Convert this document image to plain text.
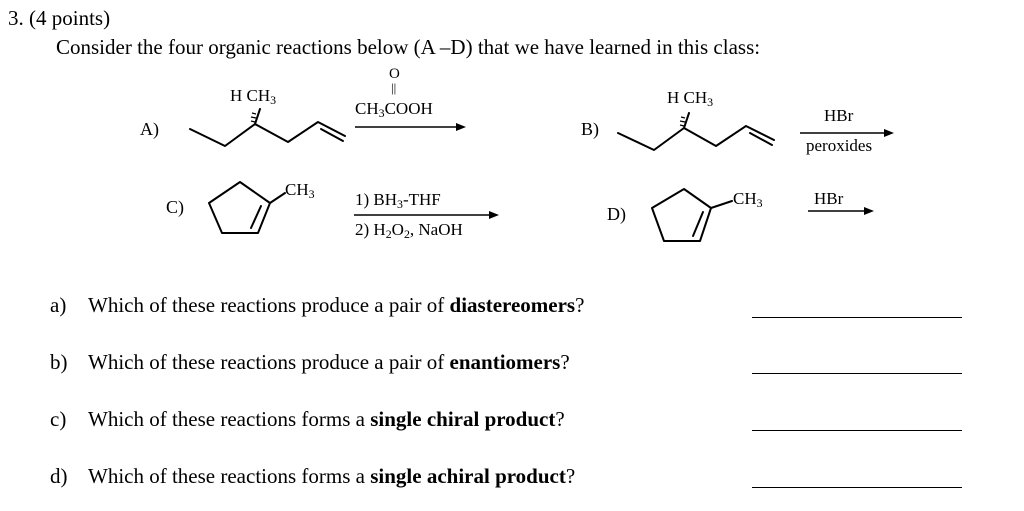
3. (4 points)
Consider the four organic reactions below (A –D) that we have learned in this class:
A)	B)
C)	D)
H $CH_3$
O
||
$CH_3COOH$
H $CH_3$
HBr
peroxides
$CH_3$ 1) $BH_3$-THF
2) $H_2O_2$, NaOH
$CH_3$	HBr
a) Which of these reactions produce a pair of diastereomers?
b) Which of these reactions produce a pair of enantiomers?
c) Which of these reactions forms a single chiral product?
d) Which of these reactions forms a single achiral product?
